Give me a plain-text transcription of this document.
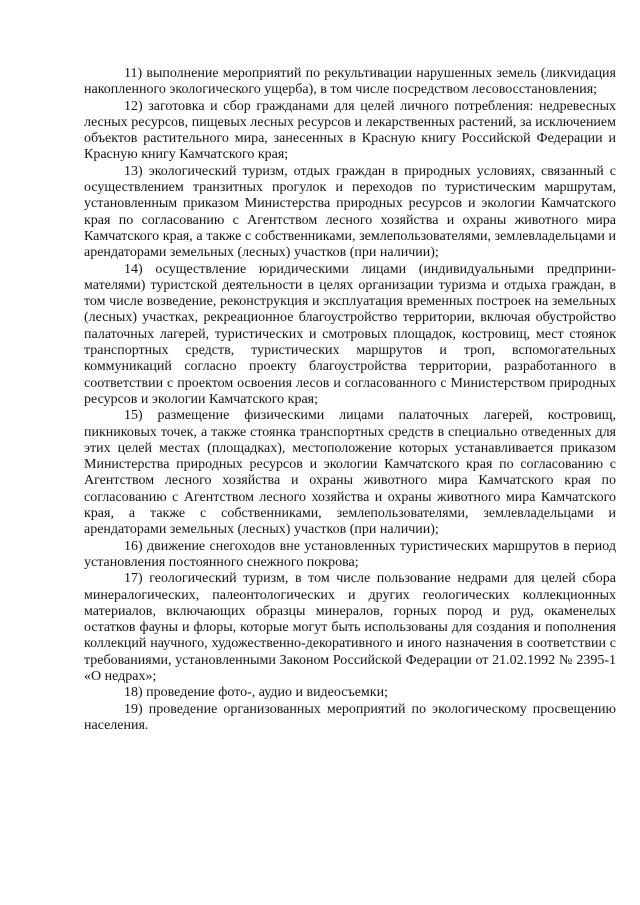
11) выполнение мероприятий по рекультивации нарушенных земель (ликvидация накопленного экологического ущерба), в том числе посредством лесовосстановления;

12) заготовка и сбор гражданами для целей личного потребления: недревесных лесных ресурсов, пищевых лесных ресурсов и лекарственных растений, за исключением объектов растительного мира, занесенных в Красную книгу Российской Федерации и Красную книгу Камчатского края;

13) экологический туризм, отдых граждан в природных условиях, связанный с осуществлением транзитных прогулок и переходов по туристическим маршрутам, установленным приказом Министерства природных ресурсов и экологии Камчатского края по согласованию с Агентством лесного хозяйства и охраны животного мира Камчатского края, а также с собственниками, землепользователями, землевладельцами и арендаторами земельных (лесных) участков (при наличии);

14) осуществление юридическими лицами (индивидуальными предпринимателями) туристской деятельности в целях организации туризма и отдыха граждан, в том числе возведение, реконструкция и эксплуатация временных построек на земельных (лесных) участках, рекреационное благоустройство территории, включая обустройство палаточных лагерей, туристических и смотровых площадок, костровищ, мест стоянок транспортных средств, туристических маршрутов и троп, вспомогательных коммуникаций согласно проекту благоустройства территории, разработанного в соответствии с проектом освоения лесов и согласованного с Министерством природных ресурсов и экологии Камчатского края;

15) размещение физическими лицами палаточных лагерей, костровищ, пикниковых точек, а также стоянка транспортных средств в специально отведенных для этих целей местах (площадках), местоположение которых устанавливается приказом Министерства природных ресурсов и экологии Камчатского края по согласованию с Агентством лесного хозяйства и охраны животного мира Камчатского края по согласованию с Агентством лесного хозяйства и охраны животного мира Камчатского края, а также с собственниками, землепользователями, землевладельцами и арендаторами земельных (лесных) участков (при наличии);

16) движение снегоходов вне установленных туристических маршрутов в период установления постоянного снежного покрова;

17) геологический туризм, в том числе пользование недрами для целей сбора минералогических, палеонтологических и других геологических коллекционных материалов, включающих образцы минералов, горных пород и руд, окаменелых остатков фауны и флоры, которые могут быть использованы для создания и пополнения коллекций научного, художественно-декоративного и иного назначения в соответствии с требованиями, установленными Законом Российской Федерации от 21.02.1992 № 2395-1 «О недрах»;

18) проведение фото-, аудио и видеосъемки;

19) проведение организованных мероприятий по экологическому просвещению населения.
